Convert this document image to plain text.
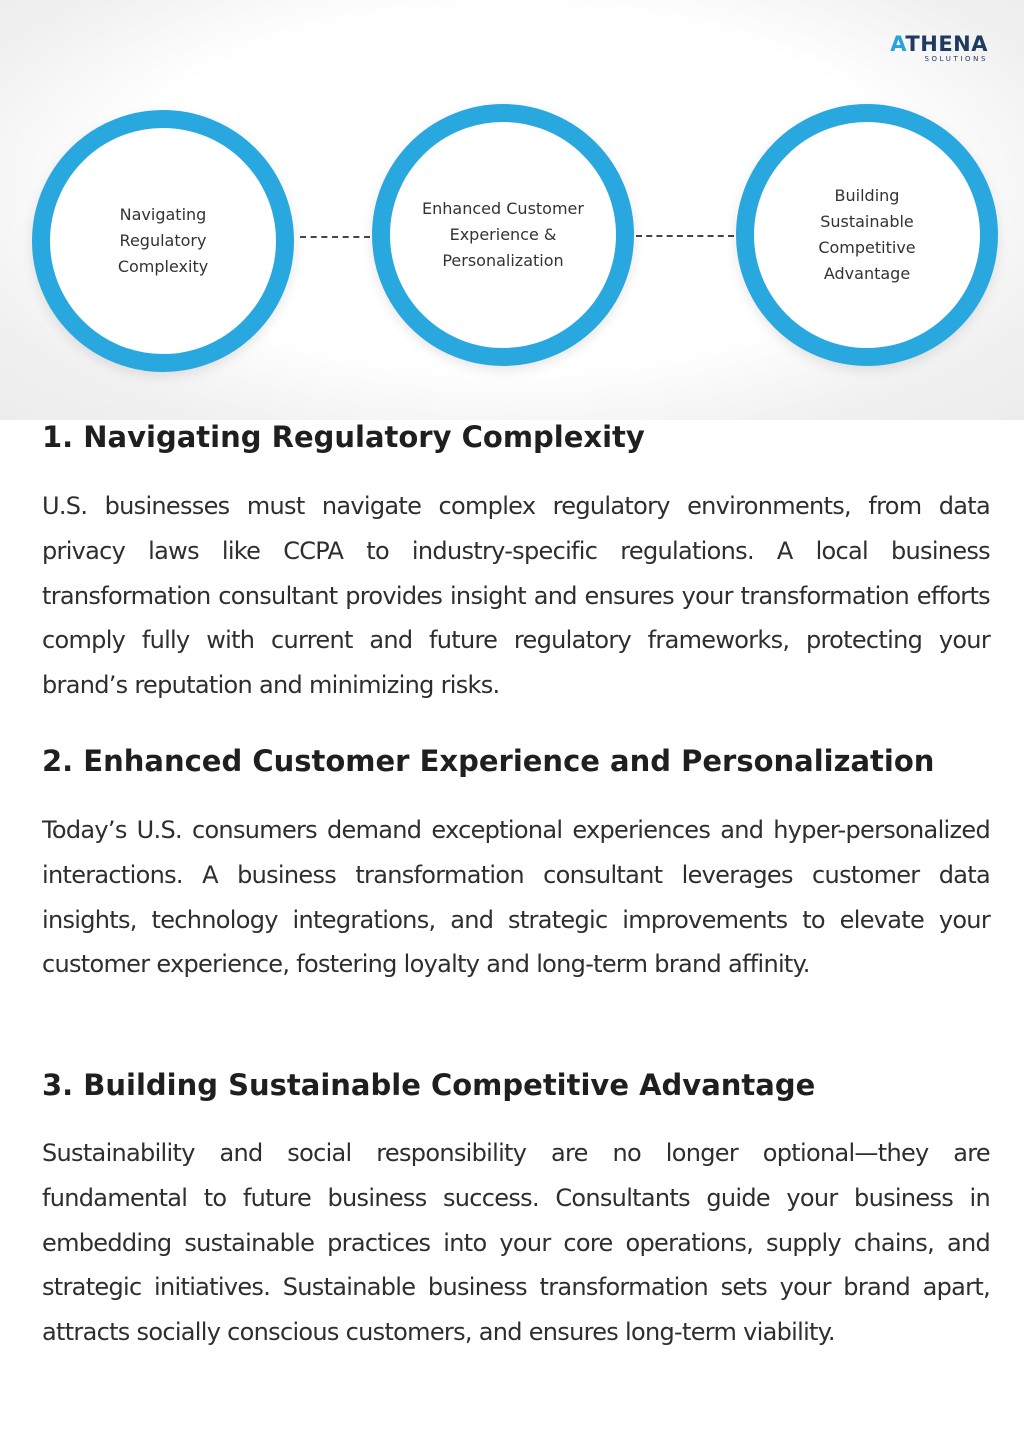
ATHENA
SOLUTIONS
Navigating Regulatory Complexity
Enhanced Customer Experience & Personalization
Building Sustainable Competitive Advantage
1. Navigating Regulatory Complexity

U.S. businesses must navigate complex regulatory environments, from data privacy laws like CCPA to industry-specific regulations. A local business transformation consultant provides insight and ensures your transformation efforts comply fully with current and future regulatory frameworks, protecting your brand’s reputation and minimizing risks.

2. Enhanced Customer Experience and Personalization

Today’s U.S. consumers demand exceptional experiences and hyper-personalized interactions. A business transformation consultant leverages customer data insights, technology integrations, and strategic improvements to elevate your customer experience, fostering loyalty and long-term brand affinity.

3. Building Sustainable Competitive Advantage

Sustainability and social responsibility are no longer optional—they are fundamental to future business success. Consultants guide your business in embedding sustainable practices into your core operations, supply chains, and strategic initiatives. Sustainable business transformation sets your brand apart, attracts socially conscious customers, and ensures long-term viability.
